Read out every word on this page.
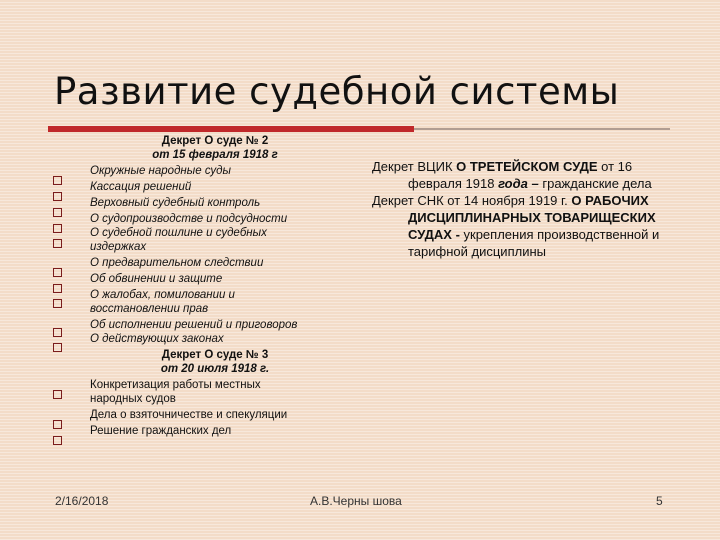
Развитие судебной системы
Декрет О суде № 2
от 15 февраля 1918 г
Окружные народные суды
Кассация решений
Верховный судебный контроль
О судопроизводстве и подсудности
О судебной пошлине и судебных
издержках
О предварительном следствии
Об обвинении и защите
О жалобах, помиловании и
восстановлении прав
Об исполнении решений и приговоров
О действующих законах
Декрет О суде № 3
от 20 июля 1918 г.
Конкретизация работы местных
народных судов
Дела о взяточничестве и спекуляции
Решение гражданских дел
Декрет ВЦИК О ТРЕТЕЙСКОМ СУДЕ от 16 февраля 1918 года – гражданские дела
Декрет СНК от 14 ноября 1919 г. О РАБОЧИХ ДИСЦИПЛИНАРНЫХ ТОВАРИЩЕСКИХ СУДАХ - укрепления производственной и тарифной дисциплины
2/16/2018	А.В.Черны шова	5
